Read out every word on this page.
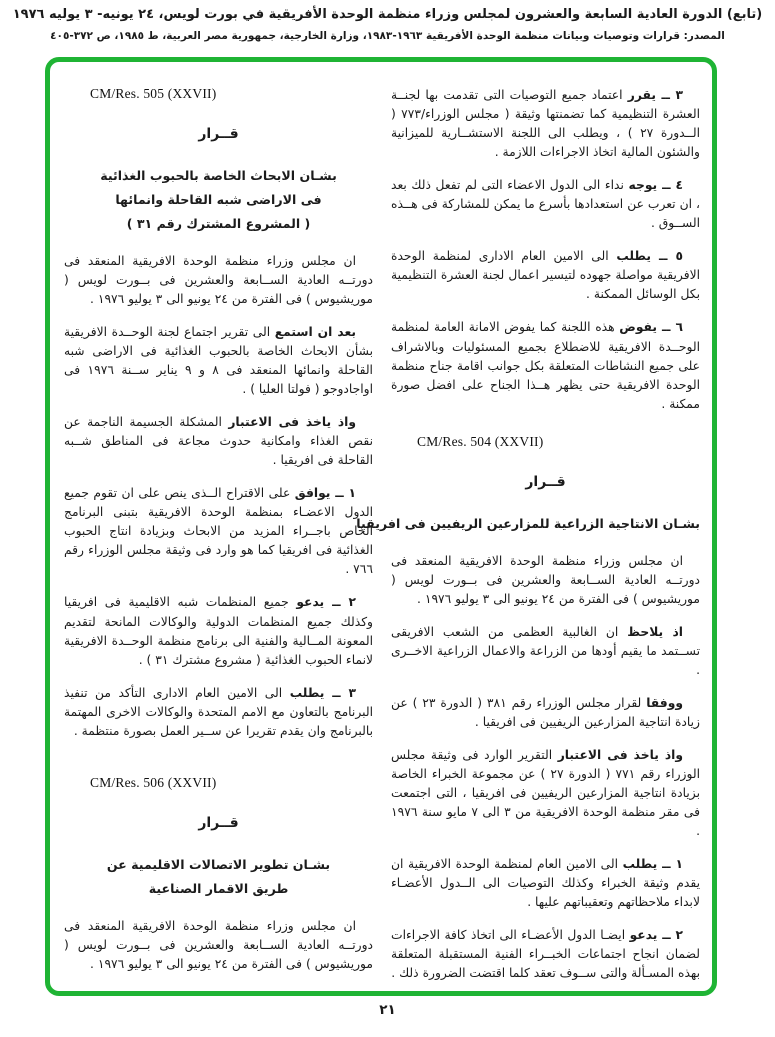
(تابع) الدورة العادية السابعة والعشرون لمجلس وزراء منظمة الوحدة الأفريقية في بورت لويس، ٢٤ يونيه- ٣ يوليه ١٩٧٦
المصدر: قرارات وتوصيات وبيانات منظمة الوحدة الأفريقية ١٩٦٣-١٩٨٣، وزارة الخارجية، جمهورية مصر العربية، ط ١٩٨٥، ص ٣٧٢-٤٠٥

٣ ــ يقرر اعتماد جميع التوصيات التى تقدمت بها لجنــة العشرة التنظيمية كما تضمنتها وثيقة ( مجلس الوزراء/٧٧٣ ( الــدورة ٢٧ ) ، ويطلب الى اللجنة الاستشــارية للميزانية والشئون المالية اتخاذ الاجراءات اللازمة .

٤ ــ يوجه نداء الى الدول الاعضاء التى لم تفعل ذلك بعد ، ان تعرب عن استعدادها بأسرع ما يمكن للمشاركة فى هــذه الســوق .

٥ ــ يطلب الى الامين العام الادارى لمنظمة الوحدة الافريقية مواصلة جهوده لتيسير اعمال لجنة العشرة التنظيمية بكل الوسائل الممكنة .

٦ ــ يفوض هذه اللجنة كما يفوض الامانة العامة لمنظمة الوحــدة الافريقية للاضطلاع بجميع المسئوليات وبالاشراف على جميع النشاطات المتعلقة بكل جوانب اقامة جناح منظمة الوحدة الافريقية حتى يظهر هــذا الجناح على افضل صورة ممكنة .

CM/Res. 504 (XXVII)
قــرار
بشـان الانتاجية الزراعية للمزارعين الريفيين فى افريقيا

ان مجلس وزراء منظمة الوحدة الافريقية المنعقد فى دورتــه العادية الســابعة والعشرين فى بــورت لويس ( موريشيوس ) فى الفترة من ٢٤ يونيو الى ٣ يوليو ١٩٧٦ .

اذ يلاحظ ان الغالبية العظمى من الشعب الافريقى تســتمد ما يقيم أودها من الزراعة والاعمال الزراعية الاخــرى .

ووفقا لقرار مجلس الوزراء رقم ٣٨١ ( الدورة ٢٣ ) عن زيادة انتاجية المزارعين الريفيين فى افريقيا .

واذ ياخذ فى الاعتبار التقرير الوارد فى وثيقة مجلس الوزراء رقم ٧٧١ ( الدورة ٢٧ ) عن مجموعة الخبراء الخاصة بزيادة انتاجية المزارعين الريفيين فى افريقيا ، التى اجتمعت فى مقر منظمة الوحدة الافريقية من ٣ الى ٧ مايو سنة ١٩٧٦ .

١ ــ يطلب الى الامين العام لمنظمة الوحدة الافريقية ان يقدم وثيقة الخبراء وكذلك التوصيات الى الــدول الأعضـاء لابداء ملاحظاتهم وتعقيباتهم عليها .

٢ ــ يدعو ايضـا الدول الأعضـاء الى اتخاذ كافة الاجراءات لضمان انجاح اجتماعات الخبــراء الفنية المستقبلة المتعلقة بهذه المسـألة والتى ســوف تعقد كلما اقتضت الضرورة ذلك .

CM/Res. 505 (XXVII)
قــرار
بشـان الابحاث الخاصة بالحبوب الغذائية
فى الاراضى شبه القاحلة وانمائها
( المشروع المشترك رقم ٣١ )

ان مجلس وزراء منظمة الوحدة الافريقية المنعقد فى دورتــه العادية الســابعة والعشرين فى بــورت لويس ( موريشيوس ) فى الفترة من ٢٤ يونيو الى ٣ يوليو ١٩٧٦ .

بعد ان استمع الى تقرير اجتماع لجنة الوحــدة الافريقية بشأن الابحاث الخاصة بالحبوب الغذائية فى الاراضى شبه القاحلة وانمائها المنعقد فى ٨ و ٩ يناير ســنة ١٩٧٦ فى اواجادوجو ( فولتا العليا ) .

واذ ياخذ فى الاعتبار المشكلة الجسيمة الناجمة عن نقص الغذاء وامكانية حدوث مجاعة فى المناطق شــبه القاحلة فى افريقيا .

١ ــ يوافق على الاقتراح الــذى ينص على ان تقوم جميع الدول الاعضـاء بمنظمة الوحدة الافريقية بتبنى البرنامج الخاص باجــراء المزيد من الابحاث وبزيادة انتاج الحبوب الغذائية فى افريقيا كما هو وارد فى وثيقة مجلس الوزراء رقم ٧٦٦ .

٢ ــ يدعو جميع المنظمات شبه الاقليمية فى افريقيا وكذلك جميع المنظمات الدولية والوكالات المانحة لتقديم المعونة المــالية والفنية الى برنامج منظمة الوحــدة الافريقية لانماء الحبوب الغذائية ( مشروع مشترك ٣١ ) .

٣ ــ يطلب الى الامين العام الادارى التأكد من تنفيذ البرنامج بالتعاون مع الامم المتحدة والوكالات الاخرى المهتمة بالبرنامج وان يقدم تقريرا عن ســير العمل بصورة منتظمة .

CM/Res. 506 (XXVII)
قــرار
بشـان تطوير الاتصالات الاقليمية عن
طريق الاقمار الصناعية

ان مجلس وزراء منظمة الوحدة الافريقية المنعقد فى دورتــه العادية الســابعة والعشرين فى بــورت لويس ( موريشيوس ) فى الفترة من ٢٤ يونيو الى ٣ يوليو ١٩٧٦ .

٢١
